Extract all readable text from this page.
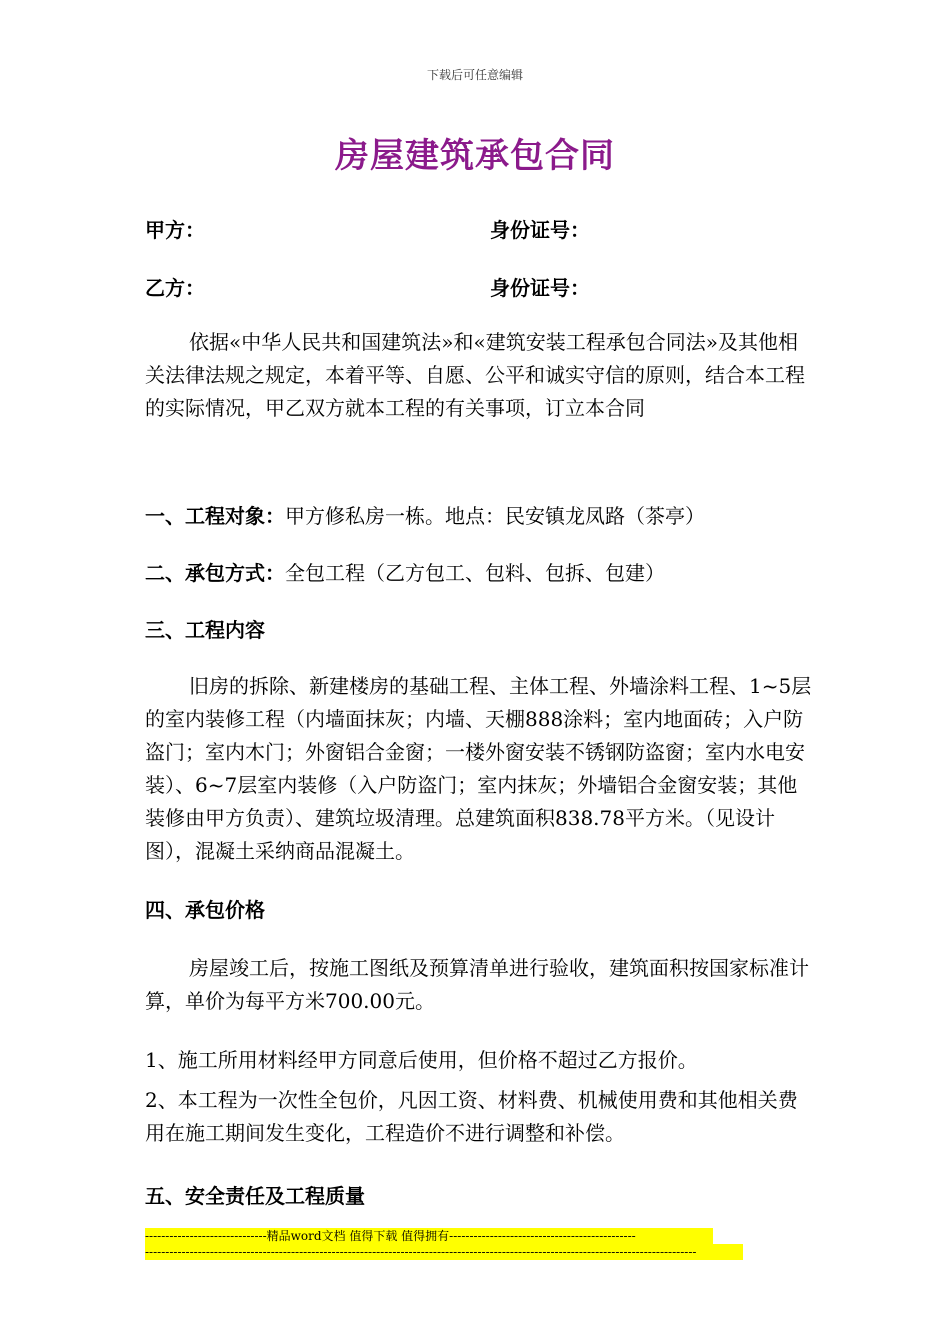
下载后可任意编辑
房屋建筑承包合同
甲方：	身份证号：
乙方：	身份证号：

依据«中华人民共和国建筑法»和«建筑安装工程承包合同法»及其他相关法律法规之规定，本着平等、自愿、公平和诚实守信的原则，结合本工程的实际情况，甲乙双方就本工程的有关事项，订立本合同

一、工程对象：甲方修私房一栋。地点：民安镇龙凤路（茶亭）
二、承包方式：全包工程（乙方包工、包料、包拆、包建）
三、工程内容

旧房的拆除、新建楼房的基础工程、主体工程、外墙涂料工程、1~5层的室内装修工程（内墙面抹灰；内墙、天棚888涂料；室内地面砖；入户防盗门；室内木门；外窗铝合金窗；一楼外窗安装不锈钢防盗窗；室内水电安装）、6~7层室内装修（入户防盗门；室内抹灰；外墙铝合金窗安装；其他装修由甲方负责）、建筑垃圾清理。总建筑面积838.78平方米。（见设计图），混凝土采纳商品混凝土。

四、承包价格

房屋竣工后，按施工图纸及预算清单进行验收，建筑面积按国家标准计算，单价为每平方米700.00元。

1、施工所用材料经甲方同意后使用，但价格不超过乙方报价。

2、本工程为一次性全包价，凡因工资、材料费、机械使用费和其他相关费用在施工期间发生变化，工程造价不进行调整和补偿。

五、安全责任及工程质量
------------------------------精品word文档 值得下载 值得拥有----------------------------------------------
----------------------------------------------------------------------------------------------------------------------------------------
